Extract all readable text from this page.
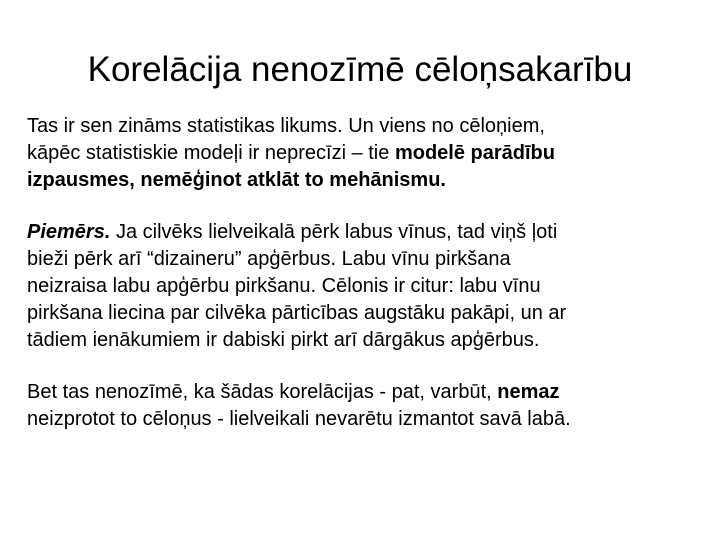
Korelācija nenozīmē cēloņsakarību

Tas ir sen zināms statistikas likums. Un viens no cēloņiem,
kāpēc statistiskie modeļi ir neprecīzi – tie modelē parādību
izpausmes, nemēģinot atklāt to mehānismu.

Piemērs. Ja cilvēks lielveikalā pērk labus vīnus, tad viņš ļoti
bieži pērk arī “dizaineru” apģērbus. Labu vīnu pirkšana
neizraisa labu apģērbu pirkšanu. Cēlonis ir citur: labu vīnu
pirkšana liecina par cilvēka pārticības augstāku pakāpi, un ar
tādiem ienākumiem ir dabiski pirkt arī dārgākus apģērbus.

Bet tas nenozīmē, ka šādas korelācijas - pat, varbūt, nemaz
neizprotot to cēloņus - lielveikali nevarētu izmantot savā labā.
